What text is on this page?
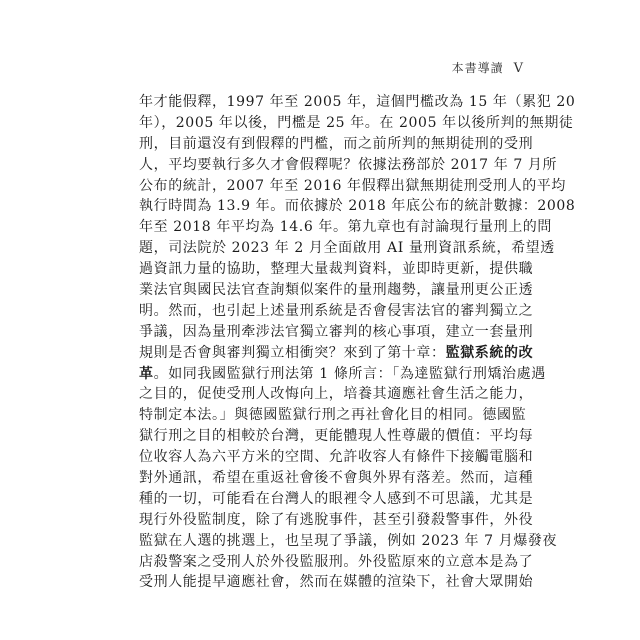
本書導讀 V
年才能假釋，1997 年至 2005 年，這個門檻改為 15 年（累犯 20
年），2005 年以後，門檻是 25 年。在 2005 年以後所判的無期徒
刑，目前還沒有到假釋的門檻，而之前所判的無期徒刑的受刑
人，平均要執行多久才會假釋呢？依據法務部於 2017 年 7 月所
公布的統計，2007 年至 2016 年假釋出獄無期徒刑受刑人的平均
執行時間為 13.9 年。而依據於 2018 年底公布的統計數據：2008
年至 2018 年平均為 14.6 年。第九章也有討論現行量刑上的問
題，司法院於 2023 年 2 月全面啟用 AI 量刑資訊系統，希望透
過資訊力量的協助，整理大量裁判資料，並即時更新，提供職
業法官與國民法官查詢類似案件的量刑趨勢，讓量刑更公正透
明。然而，也引起上述量刑系統是否會侵害法官的審判獨立之
爭議，因為量刑牽涉法官獨立審判的核心事項，建立一套量刑
規則是否會與審判獨立相衝突？來到了第十章：監獄系統的改
革。如同我國監獄行刑法第 1 條所言：「為達監獄行刑矯治處遇
之目的，促使受刑人改悔向上，培養其適應社會生活之能力，
特制定本法。」與德國監獄行刑之再社會化目的相同。德國監
獄行刑之目的相較於台灣，更能體現人性尊嚴的價值：平均每
位收容人為六平方米的空間、允許收容人有條件下接觸電腦和
對外通訊，希望在重返社會後不會與外界有落差。然而，這種
種的一切，可能看在台灣人的眼裡令人感到不可思議，尤其是
現行外役監制度，除了有逃脫事件，甚至引發殺警事件，外役
監獄在人選的挑選上，也呈現了爭議，例如 2023 年 7 月爆發夜
店殺警案之受刑人於外役監服刑。外役監原來的立意本是為了
受刑人能提早適應社會，然而在媒體的渲染下，社會大眾開始
